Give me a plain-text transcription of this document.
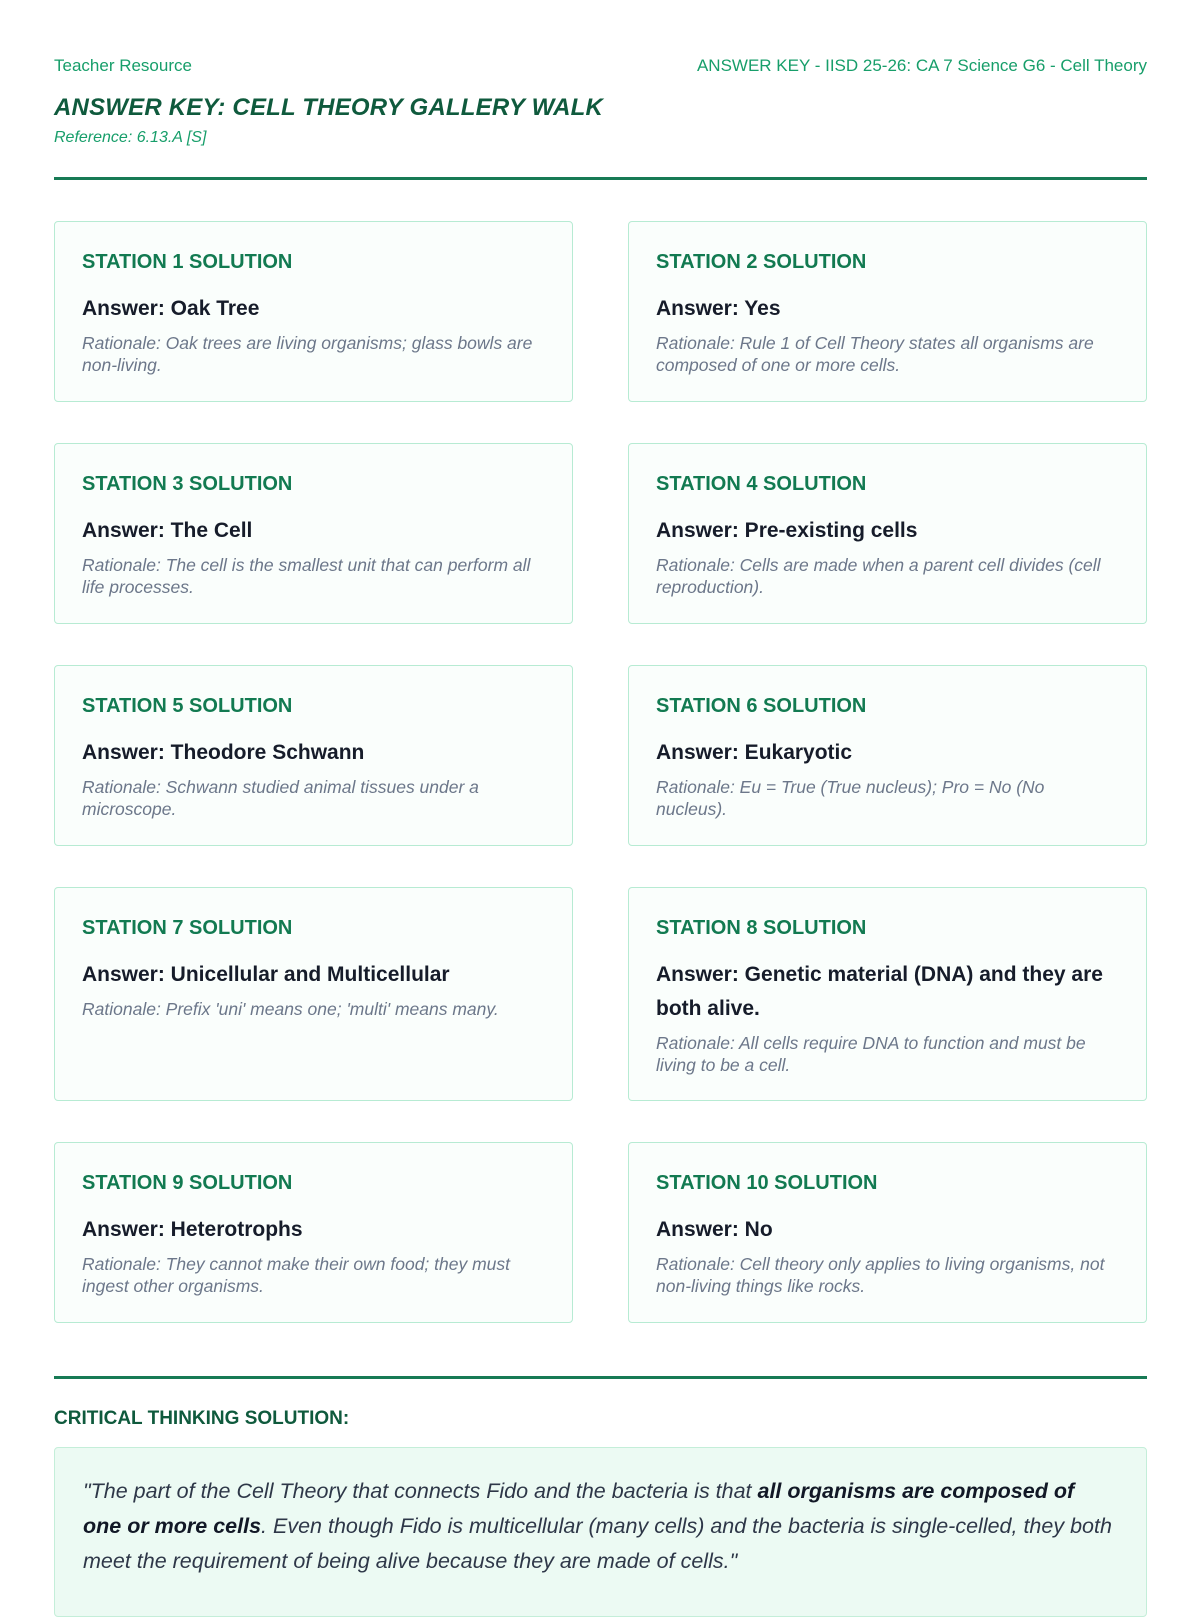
Teacher Resource	ANSWER KEY - IISD 25-26: CA 7 Science G6 - Cell Theory
ANSWER KEY: CELL THEORY GALLERY WALK
Reference: 6.13.A [S]
STATION 1 SOLUTION
Answer: Oak Tree
Rationale: Oak trees are living organisms; glass bowls are non-living.
STATION 2 SOLUTION
Answer: Yes
Rationale: Rule 1 of Cell Theory states all organisms are composed of one or more cells.
STATION 3 SOLUTION
Answer: The Cell
Rationale: The cell is the smallest unit that can perform all life processes.
STATION 4 SOLUTION
Answer: Pre-existing cells
Rationale: Cells are made when a parent cell divides (cell reproduction).
STATION 5 SOLUTION
Answer: Theodore Schwann
Rationale: Schwann studied animal tissues under a microscope.
STATION 6 SOLUTION
Answer: Eukaryotic
Rationale: Eu = True (True nucleus); Pro = No (No nucleus).
STATION 7 SOLUTION
Answer: Unicellular and Multicellular
Rationale: Prefix 'uni' means one; 'multi' means many.
STATION 8 SOLUTION
Answer: Genetic material (DNA) and they are both alive.
Rationale: All cells require DNA to function and must be living to be a cell.
STATION 9 SOLUTION
Answer: Heterotrophs
Rationale: They cannot make their own food; they must ingest other organisms.
STATION 10 SOLUTION
Answer: No
Rationale: Cell theory only applies to living organisms, not non-living things like rocks.
CRITICAL THINKING SOLUTION:
"The part of the Cell Theory that connects Fido and the bacteria is that all organisms are composed of one or more cells. Even though Fido is multicellular (many cells) and the bacteria is single-celled, they both meet the requirement of being alive because they are made of cells."
